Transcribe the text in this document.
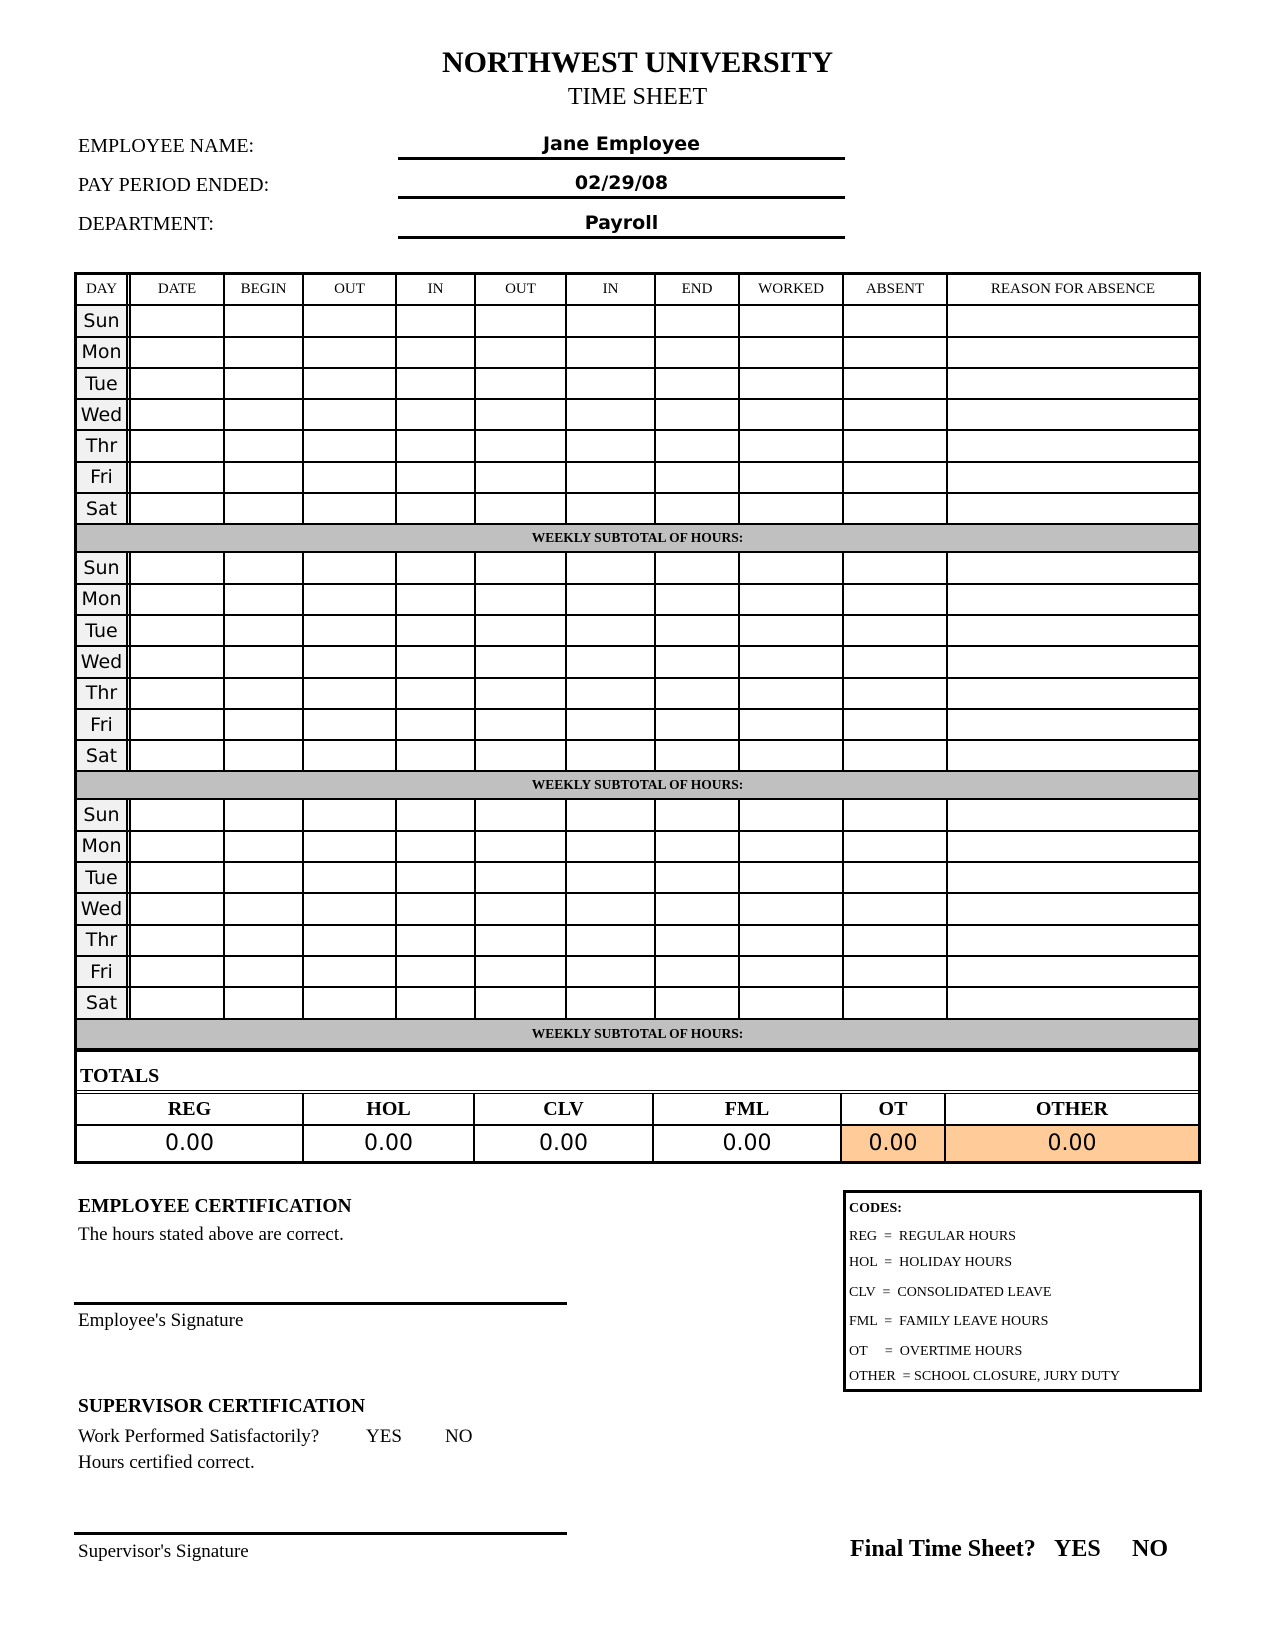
NORTHWEST UNIVERSITY
TIME SHEET
EMPLOYEE NAME:	Jane Employee
PAY PERIOD ENDED:	02/29/08
DEPARTMENT:	Payroll
DAY	DATE	BEGIN	OUT	IN	OUT	IN	END	WORKED	ABSENT	REASON FOR ABSENCE
Sun
Mon
Tue
Wed
Thr
Fri
Sat
WEEKLY SUBTOTAL OF HOURS:
Sun
Mon
Tue
Wed
Thr
Fri
Sat
WEEKLY SUBTOTAL OF HOURS:
Sun
Mon
Tue
Wed
Thr
Fri
Sat
WEEKLY SUBTOTAL OF HOURS:
TOTALS
REG	HOL	CLV	FML	OT	OTHER
0.00	0.00	0.00	0.00	0.00	0.00
EMPLOYEE CERTIFICATION
The hours stated above are correct.
Employee's Signature
SUPERVISOR CERTIFICATION
Work Performed Satisfactorily? YES NO
Hours certified correct.
Supervisor's Signature
CODES:
REG  =  REGULAR HOURS
HOL  =  HOLIDAY HOURS
CLV  =  CONSOLIDATED LEAVE
FML  =  FAMILY LEAVE HOURS
OT     =  OVERTIME HOURS
OTHER  = SCHOOL CLOSURE, JURY DUTY
Final Time Sheet? YES NO
